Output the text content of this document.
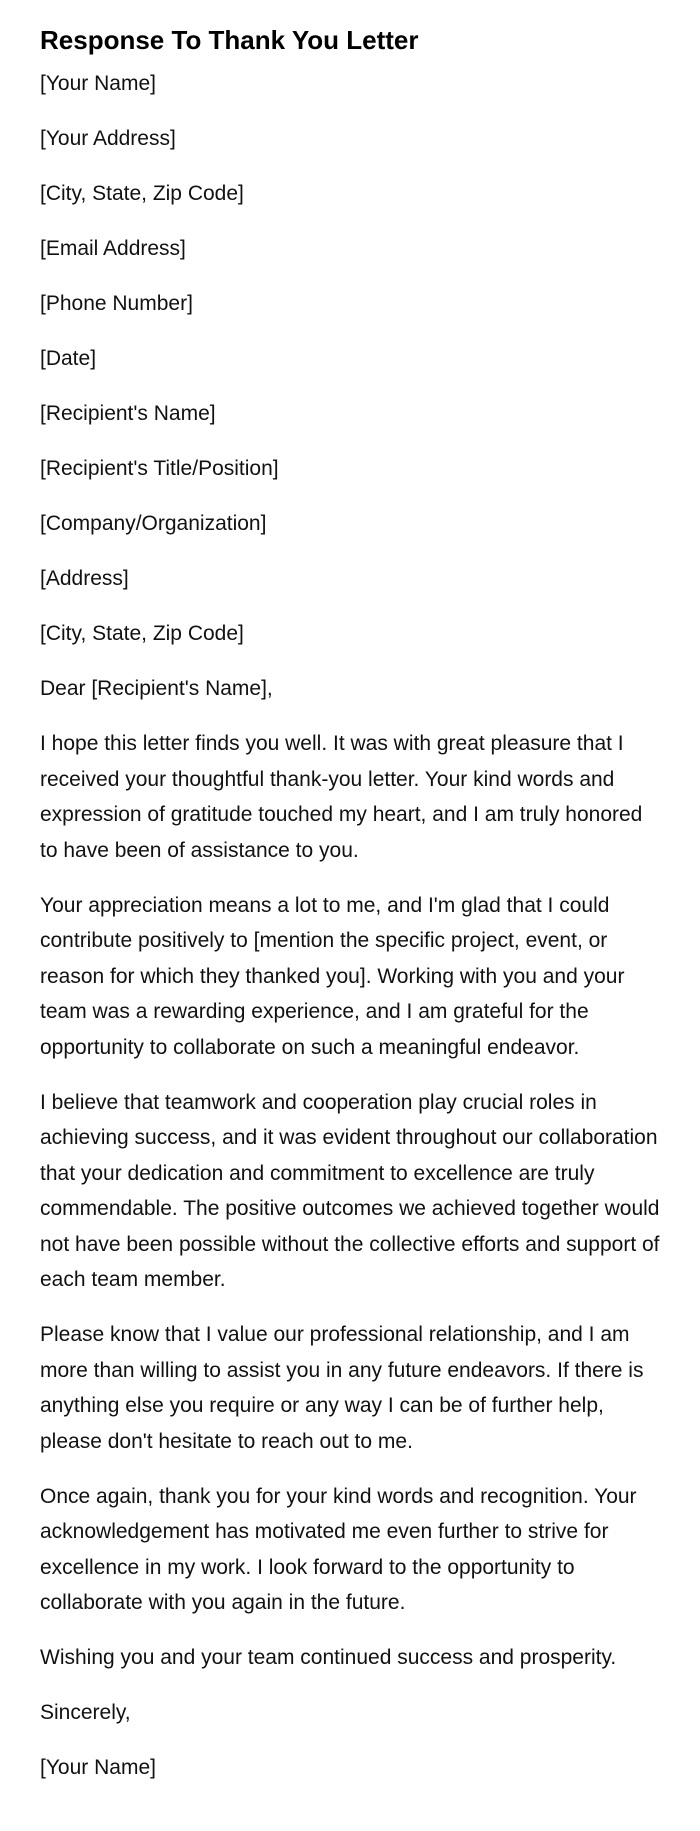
Response To Thank You Letter

[Your Name]

[Your Address]

[City, State, Zip Code]

[Email Address]

[Phone Number]

[Date]

[Recipient's Name]

[Recipient's Title/Position]

[Company/Organization]

[Address]

[City, State, Zip Code]

Dear [Recipient's Name],

I hope this letter finds you well. It was with great pleasure that I received your thoughtful thank-you letter. Your kind words and expression of gratitude touched my heart, and I am truly honored to have been of assistance to you.

Your appreciation means a lot to me, and I'm glad that I could contribute positively to [mention the specific project, event, or reason for which they thanked you]. Working with you and your team was a rewarding experience, and I am grateful for the opportunity to collaborate on such a meaningful endeavor.

I believe that teamwork and cooperation play crucial roles in achieving success, and it was evident throughout our collaboration that your dedication and commitment to excellence are truly commendable. The positive outcomes we achieved together would not have been possible without the collective efforts and support of each team member.

Please know that I value our professional relationship, and I am more than willing to assist you in any future endeavors. If there is anything else you require or any way I can be of further help, please don't hesitate to reach out to me.

Once again, thank you for your kind words and recognition. Your acknowledgement has motivated me even further to strive for excellence in my work. I look forward to the opportunity to collaborate with you again in the future.

Wishing you and your team continued success and prosperity.

Sincerely,

[Your Name]
